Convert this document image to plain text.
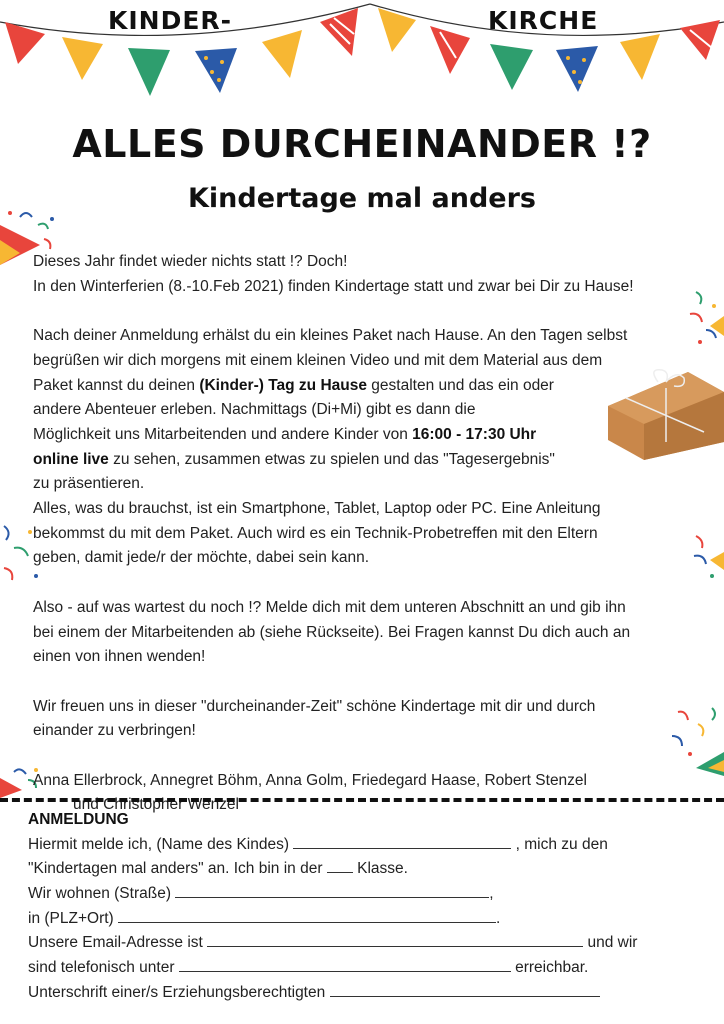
KINDER-	KIRCHE
ALLES DURCHEINANDER !?
Kindertage mal anders
Dieses Jahr findet wieder nichts statt !? Doch!
In den Winterferien (8.-10.Feb 2021) finden Kindertage statt und zwar bei Dir zu Hause!
Nach deiner Anmeldung erhälst du ein kleines Paket nach Hause. An den Tagen selbst
begrüßen wir dich morgens mit einem kleinen Video und mit dem Material aus dem
Paket kannst du deinen (Kinder-) Tag zu Hause gestalten und das ein oder
andere Abenteuer erleben. Nachmittags (Di+Mi) gibt es dann die
Möglichkeit uns Mitarbeitenden und andere Kinder von 16:00 - 17:30 Uhr
online live zu sehen, zusammen etwas zu spielen und das "Tagesergebnis"
zu präsentieren.
Alles, was du brauchst, ist ein Smartphone, Tablet, Laptop oder PC. Eine Anleitung
bekommst du mit dem Paket. Auch wird es ein Technik-Probetreffen mit den Eltern
geben, damit jede/r der möchte, dabei sein kann.
Also - auf was wartest du noch !? Melde dich mit dem unteren Abschnitt an und gib ihn
bei einem der Mitarbeitenden ab (siehe Rückseite). Bei Fragen kannst Du dich auch an
einen von ihnen wenden!
Wir freuen uns in dieser "durcheinander-Zeit" schöne Kindertage mit dir und durch
einander zu verbringen!
Anna Ellerbrock, Annegret Böhm, Anna Golm, Friedegard Haase, Robert Stenzel
und Christopher Wenzel
ANMELDUNG
Hiermit melde ich, (Name des Kindes)	, mich zu den
"Kindertagen mal anders" an. Ich bin in der Klasse.
Wir wohnen (Straße)	,
in (PLZ+Ort)	.
Unsere Email-Adresse ist	und wir
sind telefonisch unter	erreichbar.
Unterschrift einer/s Erziehungsberechtigten
